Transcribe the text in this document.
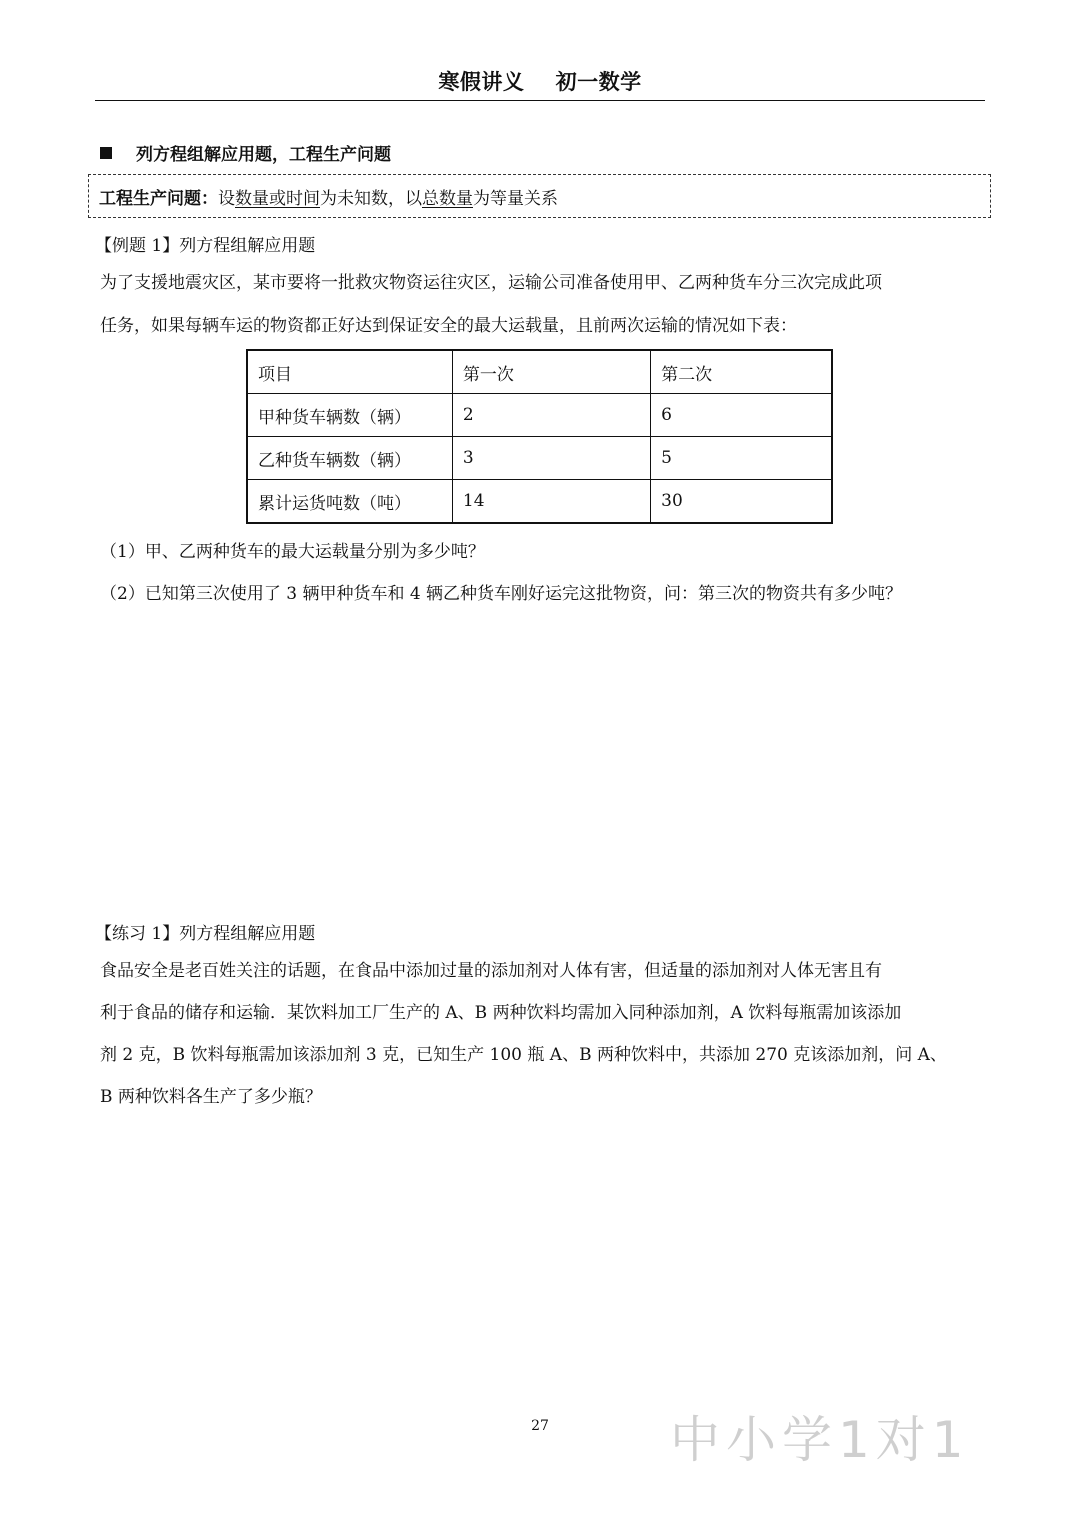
寒假讲义    初一数学
列方程组解应用题，工程生产问题
工程生产问题： 设 数量或时间 为未知数，以 总数量 为等量关系
【例题 1】列方程组解应用题
为了支援地震灾区，某市要将一批救灾物资运往灾区，运输公司准备使用甲、乙两种货车分三次完成此项
任务，如果每辆车运的物资都正好达到保证安全的最大运载量，且前两次运输的情况如下表：
项目	第一次	第二次
甲种货车辆数（辆）	2	6
乙种货车辆数（辆）	3	5
累计运货吨数（吨）	14	30
（1）甲、乙两种货车的最大运载量分别为多少吨？
（2）已知第三次使用了 3 辆甲种货车和 4 辆乙种货车刚好运完这批物资，问：第三次的物资共有多少吨？
【练习 1】列方程组解应用题
食品安全是老百姓关注的话题，在食品中添加过量的添加剂对人体有害，但适量的添加剂对人体无害且有
利于食品的储存和运输．某饮料加工厂生产的 A、B 两种饮料均需加入同种添加剂，A 饮料每瓶需加该添加
剂 2 克，B 饮料每瓶需加该添加剂 3 克，已知生产 100 瓶 A、B 两种饮料中，共添加 270 克该添加剂，问 A、
B 两种饮料各生产了多少瓶？
27	中小学1对1
